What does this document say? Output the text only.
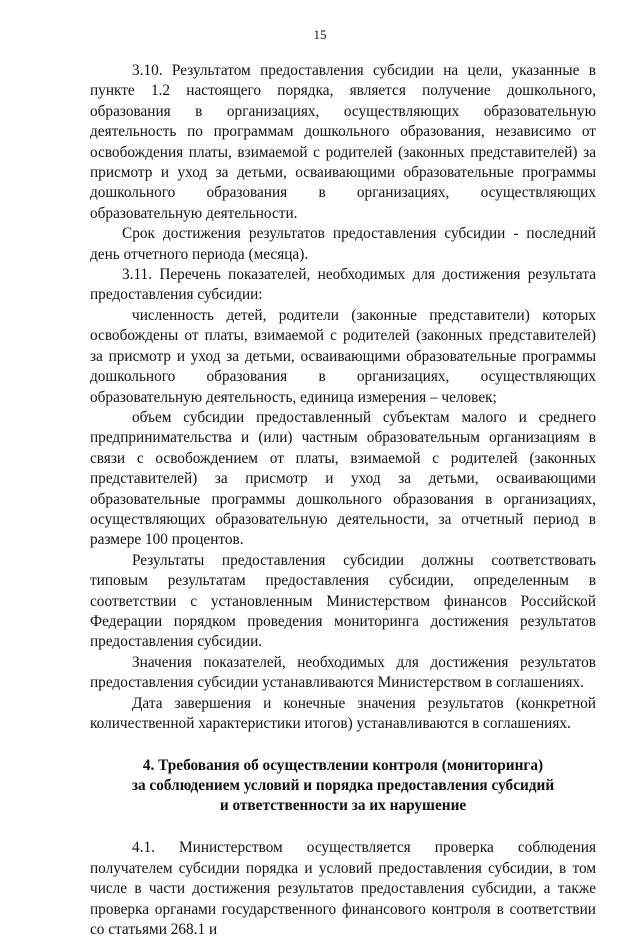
15

3.10. Результатом предоставления субсидии на цели, указанные в пункте 1.2 настоящего порядка, является получение дошкольного, образования в организациях, осуществляющих образовательную деятельность по программам дошкольного образования, независимо от освобождения платы, взимаемой с родителей (законных представителей) за присмотр и уход за детьми, осваивающими образовательные программы дошкольного образования в организациях, осуществляющих образовательную деятельности.

Срок достижения результатов предоставления субсидии - последний день отчетного периода (месяца).

3.11. Перечень показателей, необходимых для достижения результата предоставления субсидии:

численность детей, родители (законные представители) которых освобождены от платы, взимаемой с родителей (законных представителей) за присмотр и уход за детьми, осваивающими образовательные программы дошкольного образования в организациях, осуществляющих образовательную деятельность, единица измерения – человек;

объем субсидии предоставленный субъектам малого и среднего предпринимательства и (или) частным образовательным организациям в связи с освобождением от платы, взимаемой с родителей (законных представителей) за присмотр и уход за детьми, осваивающими образовательные программы дошкольного образования в организациях, осуществляющих образовательную деятельности, за отчетный период в размере 100 процентов.

Результаты предоставления субсидии должны соответствовать типовым результатам предоставления субсидии, определенным в соответствии с установленным Министерством финансов Российской Федерации порядком проведения мониторинга достижения результатов предоставления субсидии.

Значения показателей, необходимых для достижения результатов предоставления субсидии устанавливаются Министерством в соглашениях.

Дата завершения и конечные значения результатов (конкретной количественной характеристики итогов) устанавливаются в соглашениях.

4. Требования об осуществлении контроля (мониторинга)
за соблюдением условий и порядка предоставления субсидий
и ответственности за их нарушение

4.1. Министерством осуществляется проверка соблюдения получателем субсидии порядка и условий предоставления субсидии, в том числе в части достижения результатов предоставления субсидии, а также проверка органами государственного финансового контроля в соответствии со статьями 268.1 и
